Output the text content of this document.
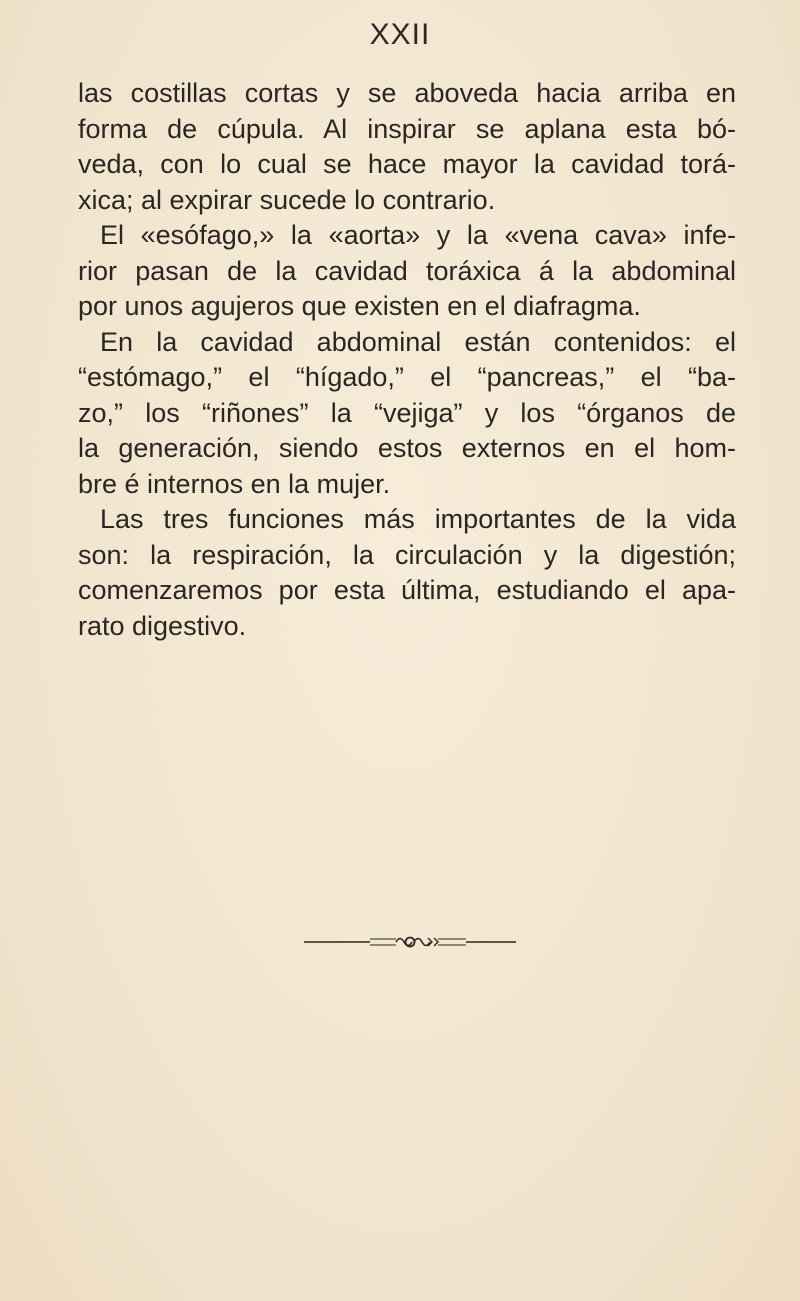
XXII
las costillas cortas y se aboveda hacia arriba en
forma de cúpula. Al inspirar se aplana esta bó-
veda, con lo cual se hace mayor la cavidad torá-
xica; al expirar sucede lo contrario.
El «esófago,» la «aorta» y la «vena cava» infe-
rior pasan de la cavidad toráxica á la abdominal
por unos agujeros que existen en el diafragma.
En la cavidad abdominal están contenidos: el
“estómago,” el “hígado,” el “pancreas,” el “ba-
zo,” los “riñones” la “vejiga” y los “órganos de
la generación, siendo estos externos en el hom-
bre é internos en la mujer.
Las tres funciones más importantes de la vida
son: la respiración, la circulación y la digestión;
comenzaremos por esta última, estudiando el apa-
rato digestivo.
